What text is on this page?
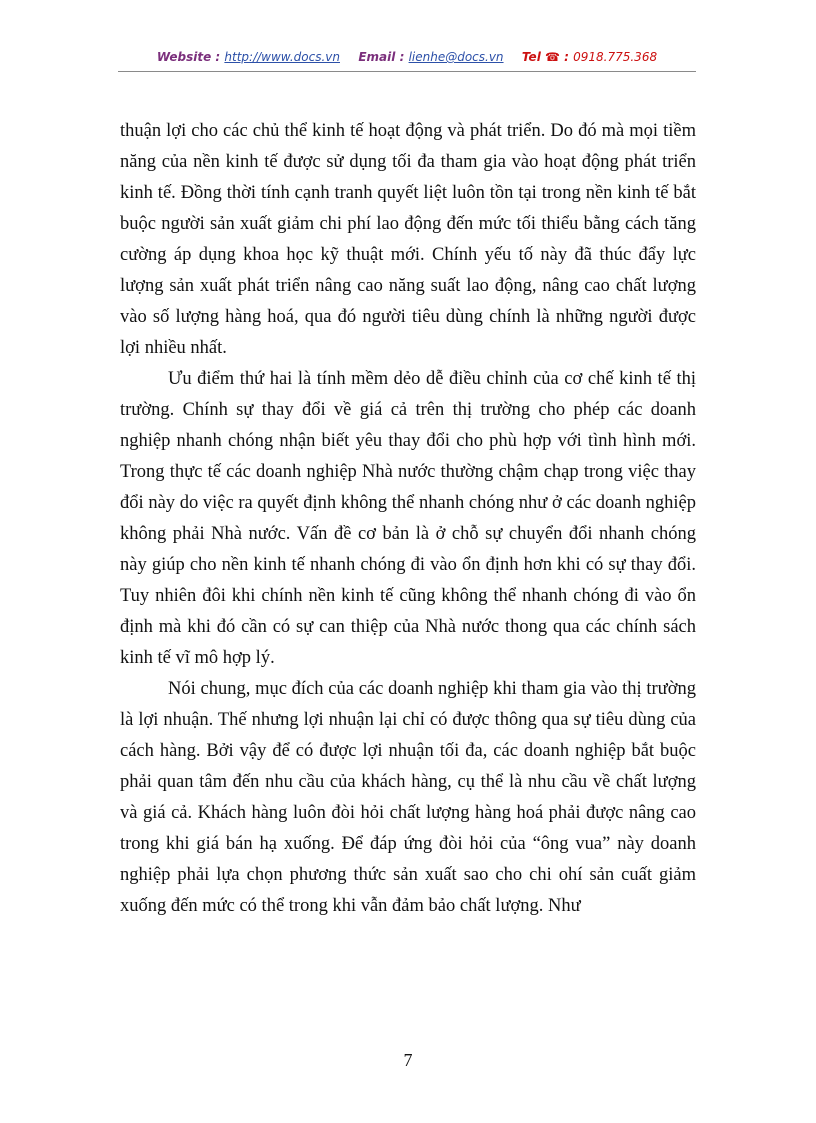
Website : http://www.docs.vn Email : lienhe@docs.vn Tel ☎ : 0918.775.368

thuận lợi cho các chủ thể kinh tế hoạt động và phát triển. Do đó mà mọi tiềm năng của nền kinh tế được sử dụng tối đa tham gia vào hoạt động phát triển kinh tế. Đồng thời tính cạnh tranh quyết liệt luôn tồn tại trong nền kinh tế bắt buộc người sản xuất giảm chi phí lao động đến mức tối thiểu bằng cách tăng cường áp dụng khoa học kỹ thuật mới. Chính yếu tố này đã thúc đẩy lực lượng sản xuất phát triển nâng cao năng suất lao động, nâng cao chất lượng vào số lượng hàng hoá, qua đó người tiêu dùng chính là những người được lợi nhiều nhất.

Ưu điểm thứ hai là tính mềm dẻo dễ điều chỉnh của cơ chế kinh tế thị trường. Chính sự thay đổi về giá cả trên thị trường cho phép các doanh nghiệp nhanh chóng nhận biết yêu thay đổi cho phù hợp với tình hình mới. Trong thực tế các doanh nghiệp Nhà nước thường chậm chạp trong việc thay đổi này do việc ra quyết định không thể nhanh chóng như ở các doanh nghiệp không phải Nhà nước. Vấn đề cơ bản là ở chỗ sự chuyển đổi nhanh chóng này giúp cho nền kinh tế nhanh chóng đi vào ổn định hơn khi có sự thay đổi. Tuy nhiên đôi khi chính nền kinh tế cũng không thể nhanh chóng đi vào ổn định mà khi đó cần có sự can thiệp của Nhà nước thong qua các chính sách kinh tế vĩ mô hợp lý.

Nói chung, mục đích của các doanh nghiệp khi tham gia vào thị trường là lợi nhuận. Thế nhưng lợi nhuận lại chỉ có được thông qua sự tiêu dùng của cách hàng. Bởi vậy để có được lợi nhuận tối đa, các doanh nghiệp bắt buộc phải quan tâm đến nhu cầu của khách hàng, cụ thể là nhu cầu về chất lượng và giá cả. Khách hàng luôn đòi hỏi chất lượng hàng hoá phải được nâng cao trong khi giá bán hạ xuống. Để đáp ứng đòi hỏi của “ông vua” này doanh nghiệp phải lựa chọn phương thức sản xuất sao cho chi ohí sản cuất giảm xuống đến mức có thể trong khi vẫn đảm bảo chất lượng. Như

7
